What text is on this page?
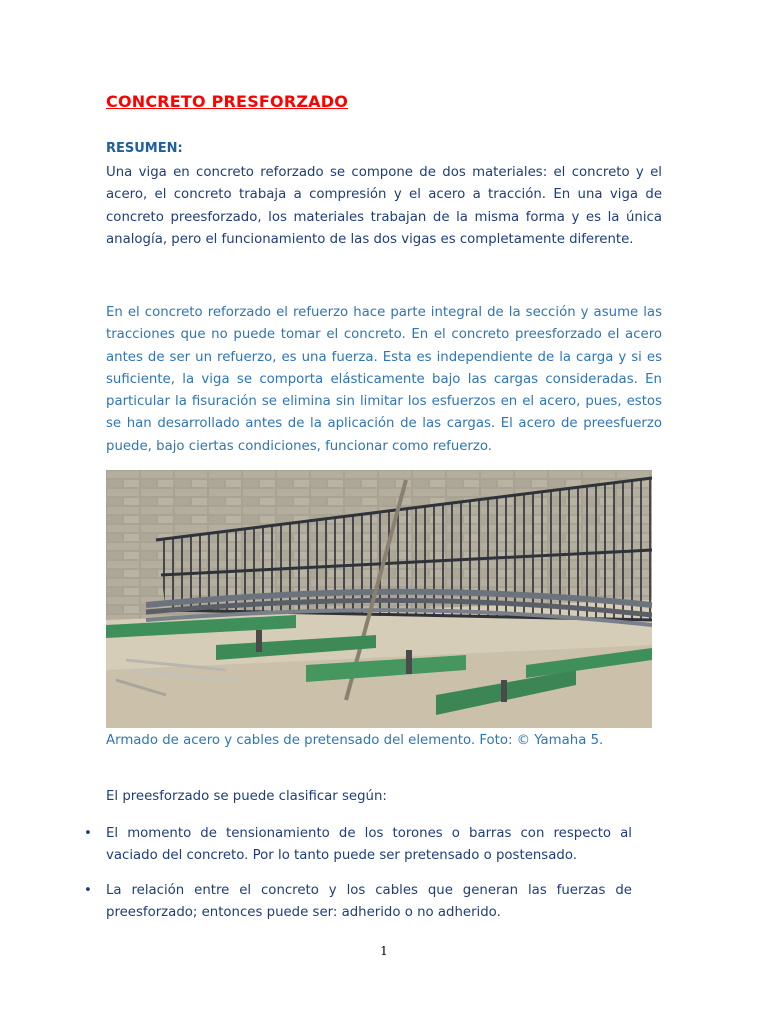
CONCRETO PRESFORZADO
RESUMEN:

Una viga en concreto reforzado se compone de dos materiales: el concreto y el acero, el concreto trabaja a compresión y el acero a tracción. En una viga de concreto preesforzado, los materiales trabajan de la misma forma y es la única analogía, pero el funcionamiento de las dos vigas es completamente diferente.

En el concreto reforzado el refuerzo hace parte integral de la sección y asume las tracciones que no puede tomar el concreto. En el concreto preesforzado el acero antes de ser un refuerzo, es una fuerza. Esta es independiente de la carga y si es suficiente, la viga se comporta elásticamente bajo las cargas consideradas. En particular la fisuración se elimina sin limitar los esfuerzos en el acero, pues, estos se han desarrollado antes de la aplicación de las cargas. El acero de preesfuerzo puede, bajo ciertas condiciones, funcionar como refuerzo.

Armado de acero y cables de pretensado del elemento. Foto: © Yamaha 5.
El preesforzado se puede clasificar según:
• El momento de tensionamiento de los torones o barras con respecto al vaciado del concreto. Por lo tanto puede ser pretensado o postensado.
• La relación entre el concreto y los cables que generan las fuerzas de preesforzado; entonces puede ser: adherido o no adherido.
1
